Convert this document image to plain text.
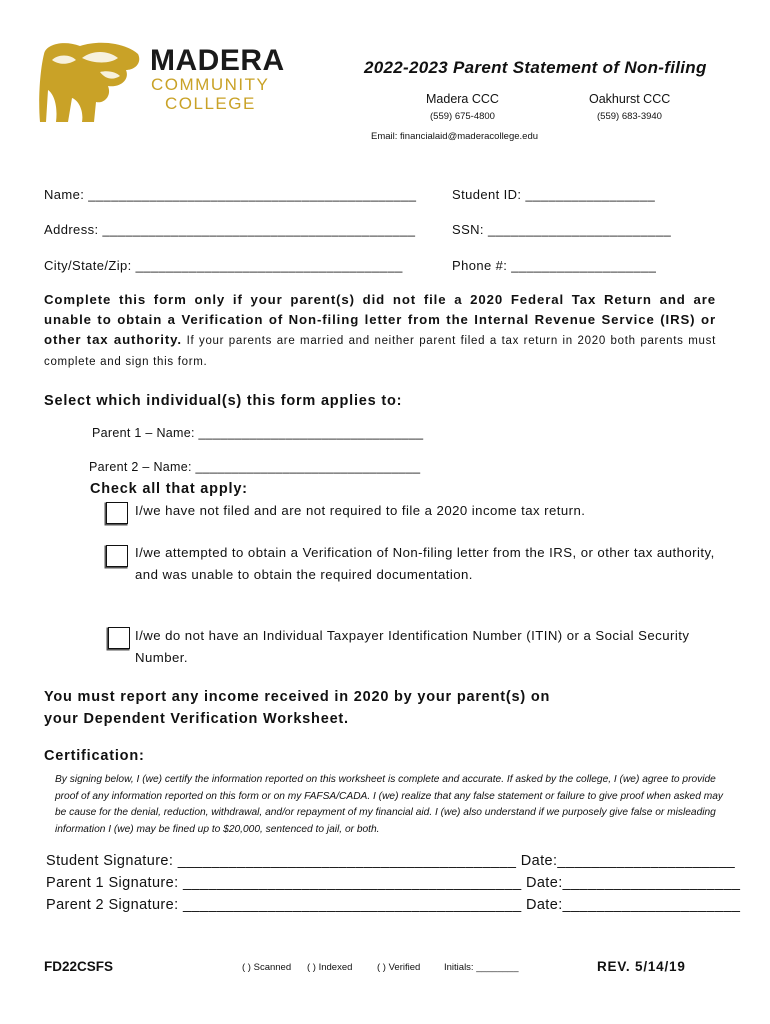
MADERA
COMMUNITY
COLLEGE
2022-2023 Parent Statement of Non-filing
Madera CCC	Oakhurst CCC
(559) 675-4800	(559) 683-3940
Email: financialaid@maderacollege.edu
Name: ___________________________________________	Student ID: _________________
Address: _________________________________________	SSN: ________________________
City/State/Zip: ___________________________________	Phone #: ___________________
Complete this form only if your parent(s) did not file a 2020 Federal Tax Return and are unable to obtain a Verification of Non-filing letter from the Internal Revenue Service (IRS) or other tax authority. If your parents are married and neither parent filed a tax return in 2020 both parents must complete and sign this form.
Select which individual(s) this form applies to:
Parent 1 – Name: _______________________________
Parent 2 – Name: _______________________________
Check all that apply:
I/we have not filed and are not required to file a 2020 income tax return.
I/we attempted to obtain a Verification of Non-filing letter from the IRS, or other tax authority, and was unable to obtain the required documentation.
I/we do not have an Individual Taxpayer Identification Number (ITIN) or a Social Security Number.
You must report any income received in 2020 by your parent(s) on
your Dependent Verification Worksheet.
Certification:
By signing below, I (we) certify the information reported on this worksheet is complete and accurate. If asked by the college, I (we) agree to provide proof of any information reported on this form or on my FAFSA/CADA. I (we) realize that any false statement or failure to give proof when asked may be cause for the denial, reduction, withdrawal, and/or repayment of my financial aid. I (we) also understand if we purposely give false or misleading information I (we) may be fined up to $20,000, sentenced to jail, or both.
Student Signature: ________________________________________ Date:_____________________
Parent 1 Signature: ________________________________________ Date:_____________________
Parent 2 Signature: ________________________________________ Date:_____________________
FD22CSFS	( ) Scanned ( ) Indexed	( ) Verified Initials: ________	REV. 5/14/19
